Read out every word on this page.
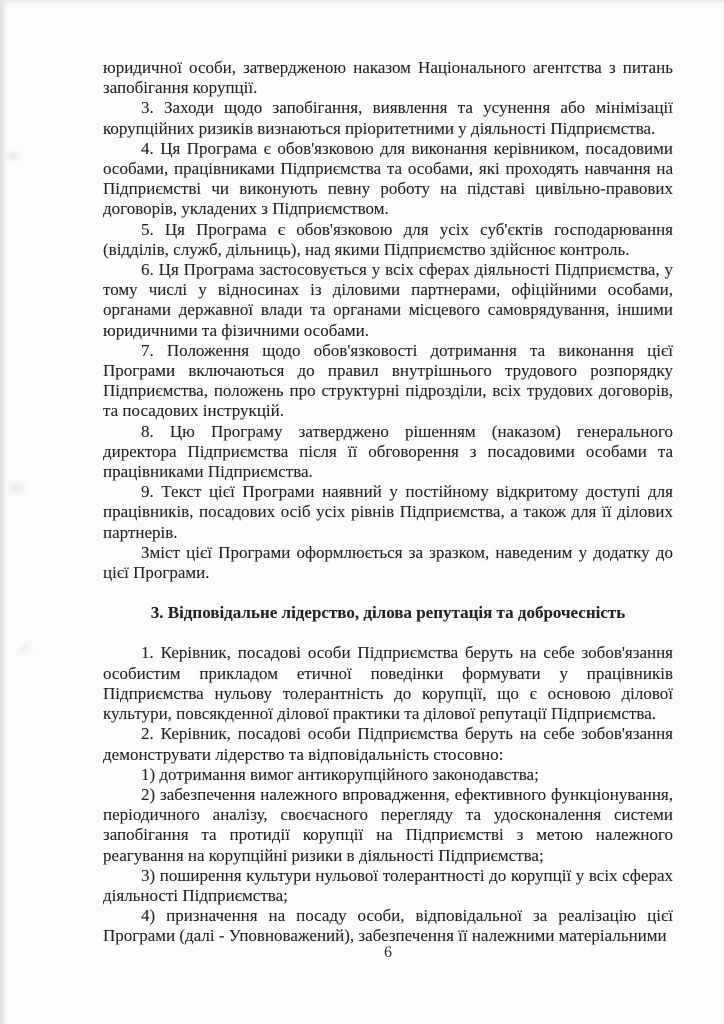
юридичної особи, затвердженою наказом Національного агентства з питань запобігання корупції.

3. Заходи щодо запобігання, виявлення та усунення або мінімізації корупційних ризиків визнаються пріоритетними у діяльності Підприємства.

4. Ця Програма є обов'язковою для виконання керівником, посадовими особами, працівниками Підприємства та особами, які проходять навчання на Підприємстві чи виконують певну роботу на підставі цивільно-правових договорів, укладених з Підприємством.

5. Ця Програма є обов'язковою для усіх суб'єктів господарювання (відділів, служб, дільниць), над якими Підприємство здійснює контроль.

6. Ця Програма застосовується у всіх сферах діяльності Підприємства, у тому числі у відносинах із діловими партнерами, офіційними особами, органами державної влади та органами місцевого самоврядування, іншими юридичними та фізичними особами.

7. Положення щодо обов'язковості дотримання та виконання цієї Програми включаються до правил внутрішнього трудового розпорядку Підприємства, положень про структурні підрозділи, всіх трудових договорів, та посадових інструкцій.

8. Цю Програму затверджено рішенням (наказом) генерального директора Підприємства після її обговорення з посадовими особами та працівниками Підприємства.

9. Текст цієї Програми наявний у постійному відкритому доступі для працівників, посадових осіб усіх рівнів Підприємства, а також для її ділових партнерів.

Зміст цієї Програми оформлюється за зразком, наведеним у додатку до цієї Програми.

3. Відповідальне лідерство, ділова репутація та доброчесність

1. Керівник, посадові особи Підприємства беруть на себе зобов'язання особистим прикладом етичної поведінки формувати у працівників Підприємства нульову толерантність до корупції, що є основою ділової культури, повсякденної ділової практики та ділової репутації Підприємства.

2. Керівник, посадові особи Підприємства беруть на себе зобов'язання демонструвати лідерство та відповідальність стосовно:

1) дотримання вимог антикорупційного законодавства;

2) забезпечення належного впровадження, ефективного функціонування, періодичного аналізу, своєчасного перегляду та удосконалення системи запобігання та протидії корупції на Підприємстві з метою належного реагування на корупційні ризики в діяльності Підприємства;

3) поширення культури нульової толерантності до корупції у всіх сферах діяльності Підприємства;

4) призначення на посаду особи, відповідальної за реалізацію цієї Програми (далі - Уповноважений), забезпечення її належними матеріальними

6
